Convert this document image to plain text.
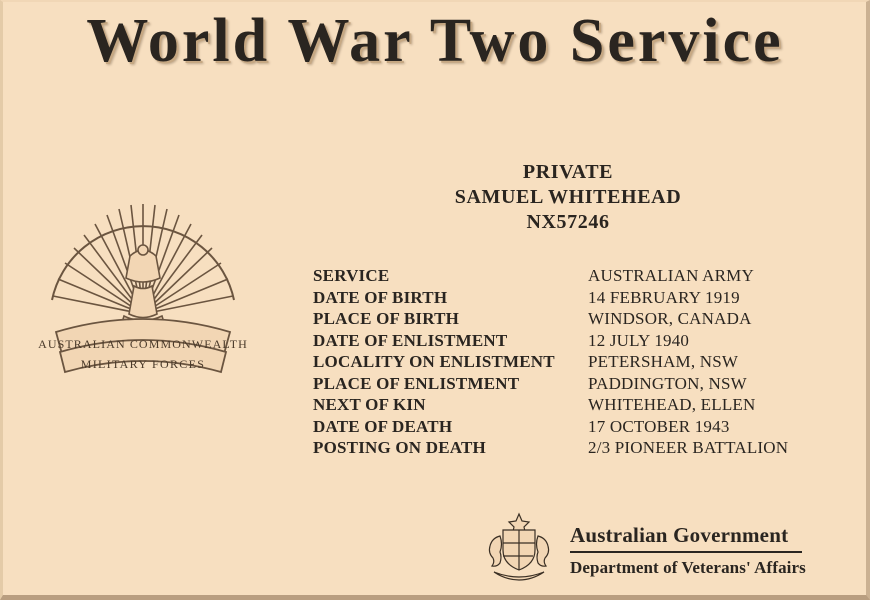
World War Two Service
AUSTRALIAN COMMONWEALTH
MILITARY FORCES
PRIVATE
SAMUEL WHITEHEAD
NX57246
SERVICE	AUSTRALIAN ARMY
DATE OF BIRTH	14 FEBRUARY 1919
PLACE OF BIRTH	WINDSOR, CANADA
DATE OF ENLISTMENT	12 JULY 1940
LOCALITY ON ENLISTMENT	PETERSHAM, NSW
PLACE OF ENLISTMENT	PADDINGTON, NSW
NEXT OF KIN	WHITEHEAD, ELLEN
DATE OF DEATH	17 OCTOBER 1943
POSTING ON DEATH	2/3 PIONEER BATTALION
Australian Government
Department of Veterans' Affairs
